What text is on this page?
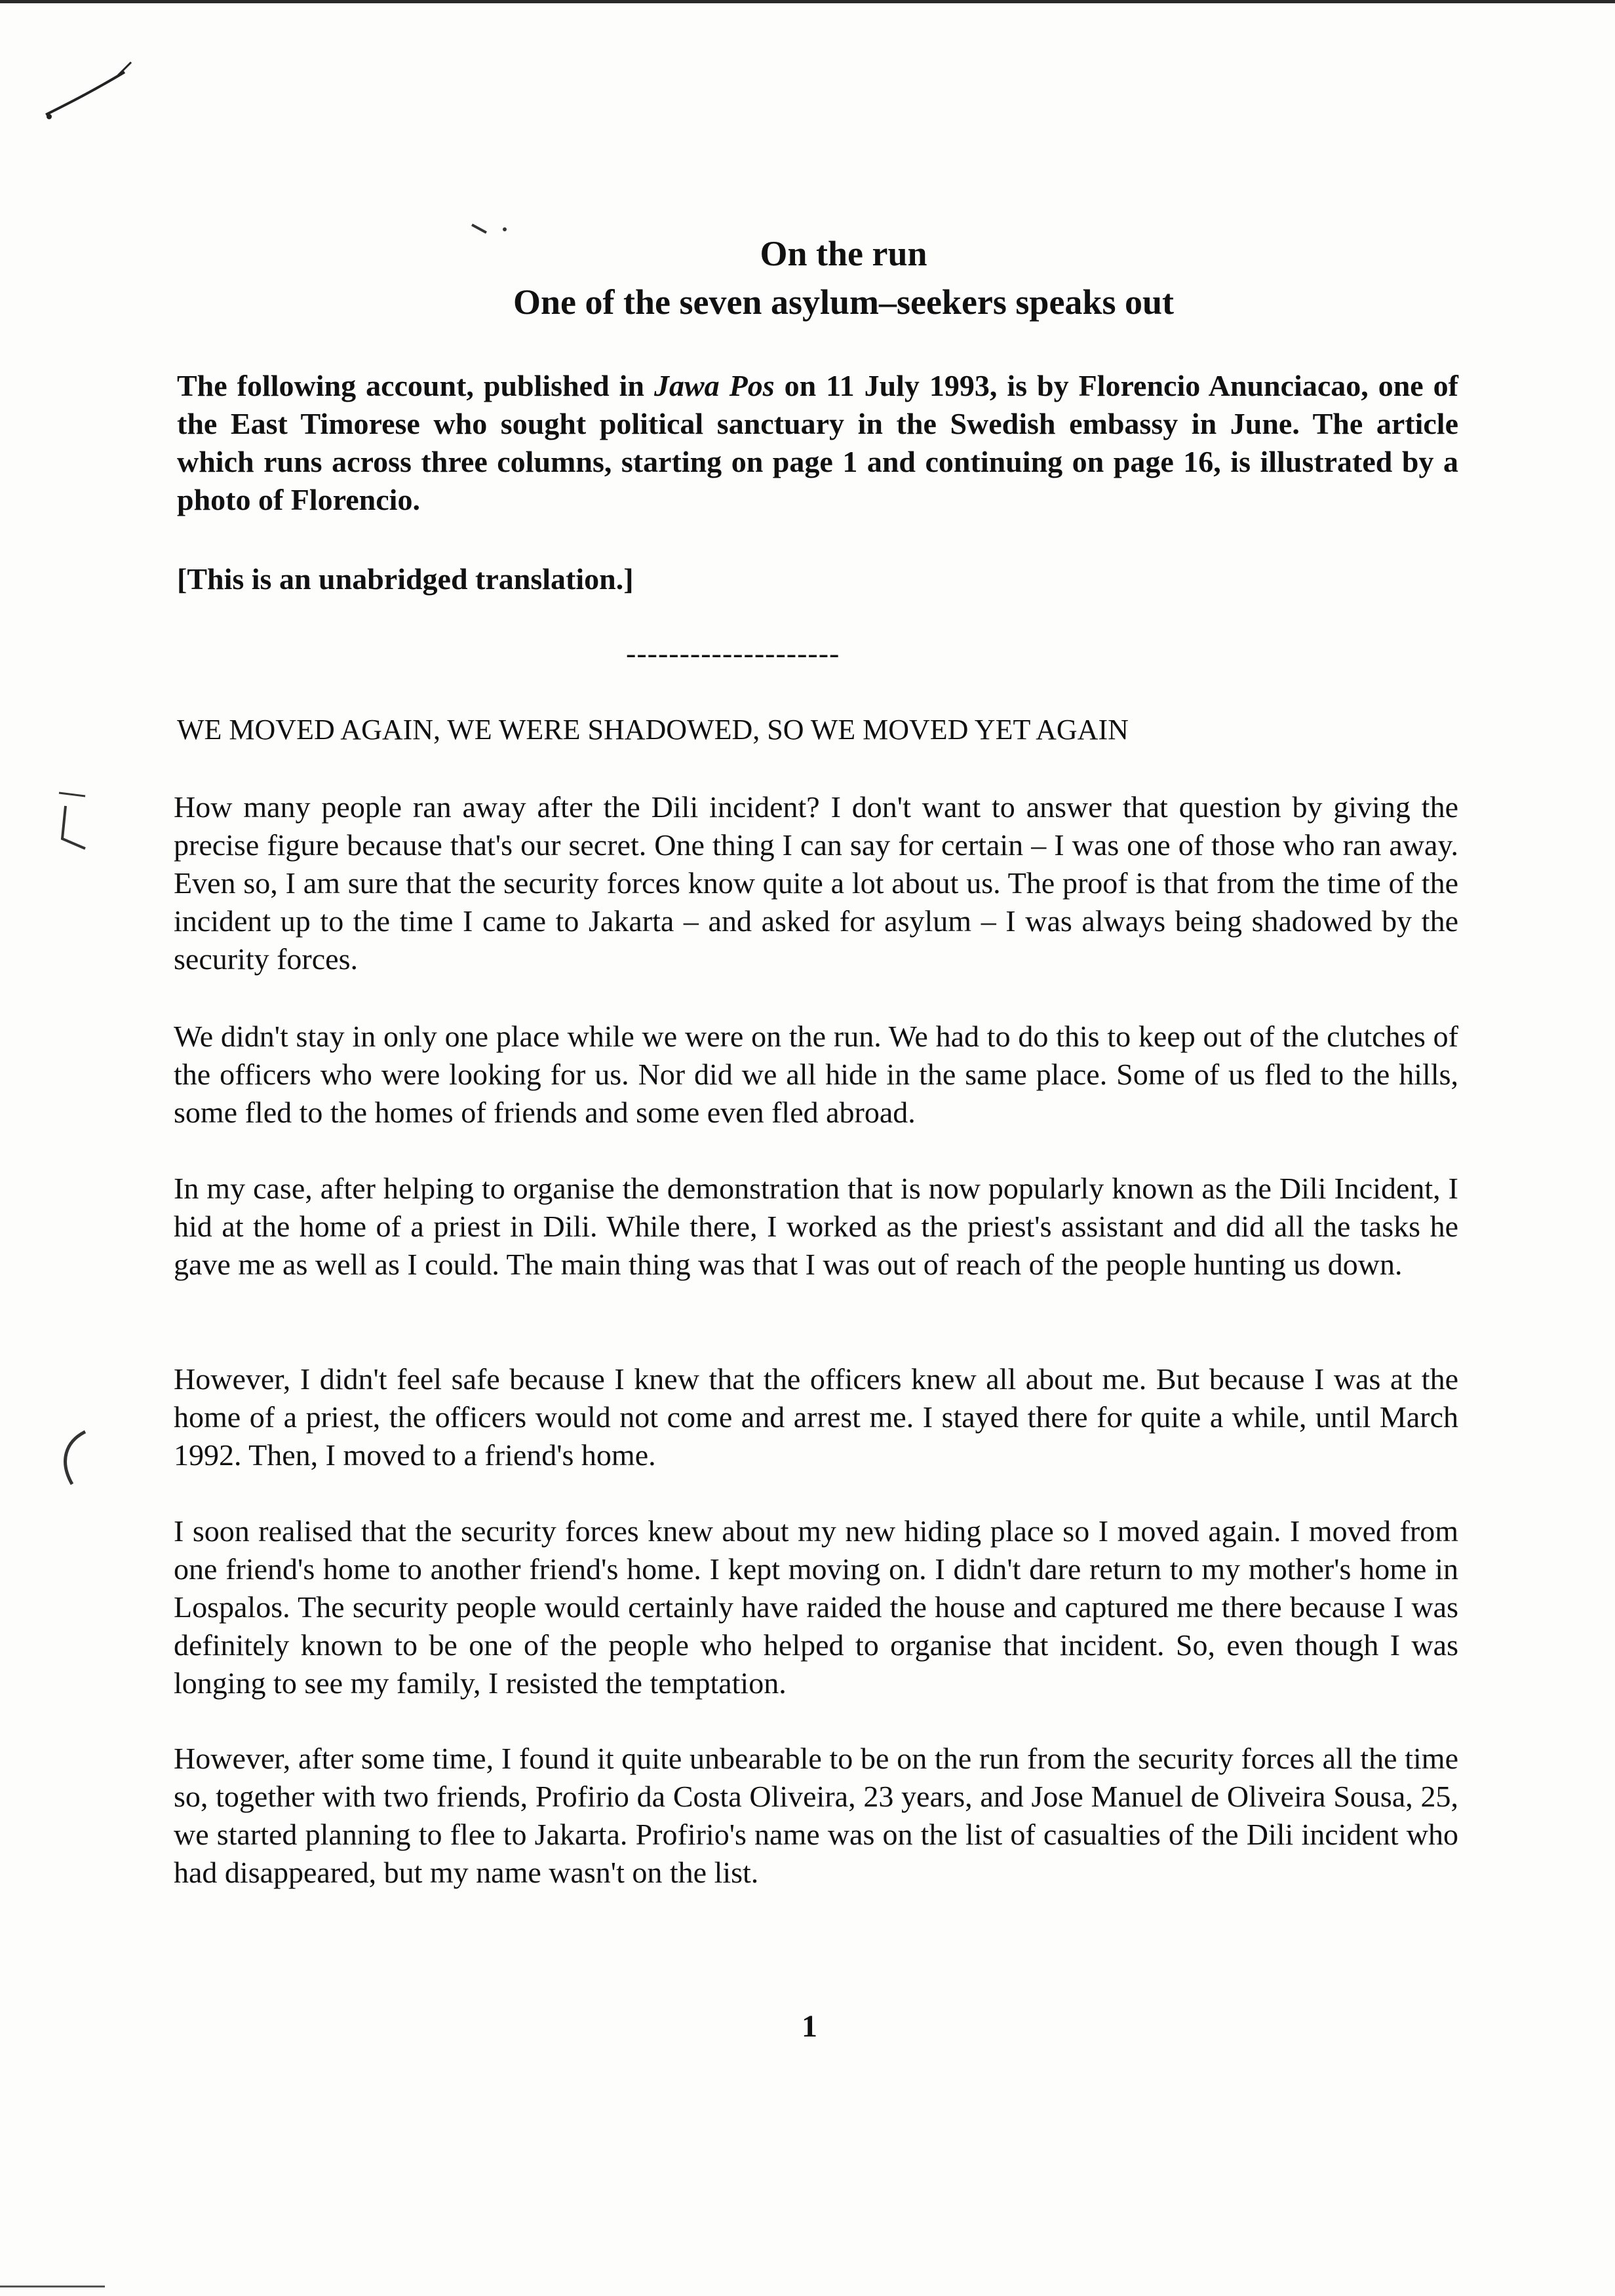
On the run
One of the seven asylum–seekers speaks out

The following account, published in Jawa Pos on 11 July 1993, is by Florencio Anunciacao, one of the East Timorese who sought political sanctuary in the Swedish embassy in June. The article which runs across three columns, starting on page 1 and continuing on page 16, is illustrated by a photo of Florencio.

[This is an unabridged translation.]

--------------------

WE MOVED AGAIN, WE WERE SHADOWED, SO WE MOVED YET AGAIN

How many people ran away after the Dili incident? I don't want to answer that question by giving the precise figure because that's our secret. One thing I can say for certain – I was one of those who ran away. Even so, I am sure that the security forces know quite a lot about us. The proof is that from the time of the incident up to the time I came to Jakarta – and asked for asylum – I was always being shadowed by the security forces.

We didn't stay in only one place while we were on the run. We had to do this to keep out of the clutches of the officers who were looking for us. Nor did we all hide in the same place. Some of us fled to the hills, some fled to the homes of friends and some even fled abroad.

In my case, after helping to organise the demonstration that is now popularly known as the Dili Incident, I hid at the home of a priest in Dili. While there, I worked as the priest's assistant and did all the tasks he gave me as well as I could. The main thing was that I was out of reach of the people hunting us down.

However, I didn't feel safe because I knew that the officers knew all about me. But because I was at the home of a priest, the officers would not come and arrest me. I stayed there for quite a while, until March 1992. Then, I moved to a friend's home.

I soon realised that the security forces knew about my new hiding place so I moved again. I moved from one friend's home to another friend's home. I kept moving on. I didn't dare return to my mother's home in Lospalos. The security people would certainly have raided the house and captured me there because I was definitely known to be one of the people who helped to organise that incident. So, even though I was longing to see my family, I resisted the temptation.

However, after some time, I found it quite unbearable to be on the run from the security forces all the time so, together with two friends, Profirio da Costa Oliveira, 23 years, and Jose Manuel de Oliveira Sousa, 25, we started planning to flee to Jakarta. Profirio's name was on the list of casualties of the Dili incident who had disappeared, but my name wasn't on the list.

1
